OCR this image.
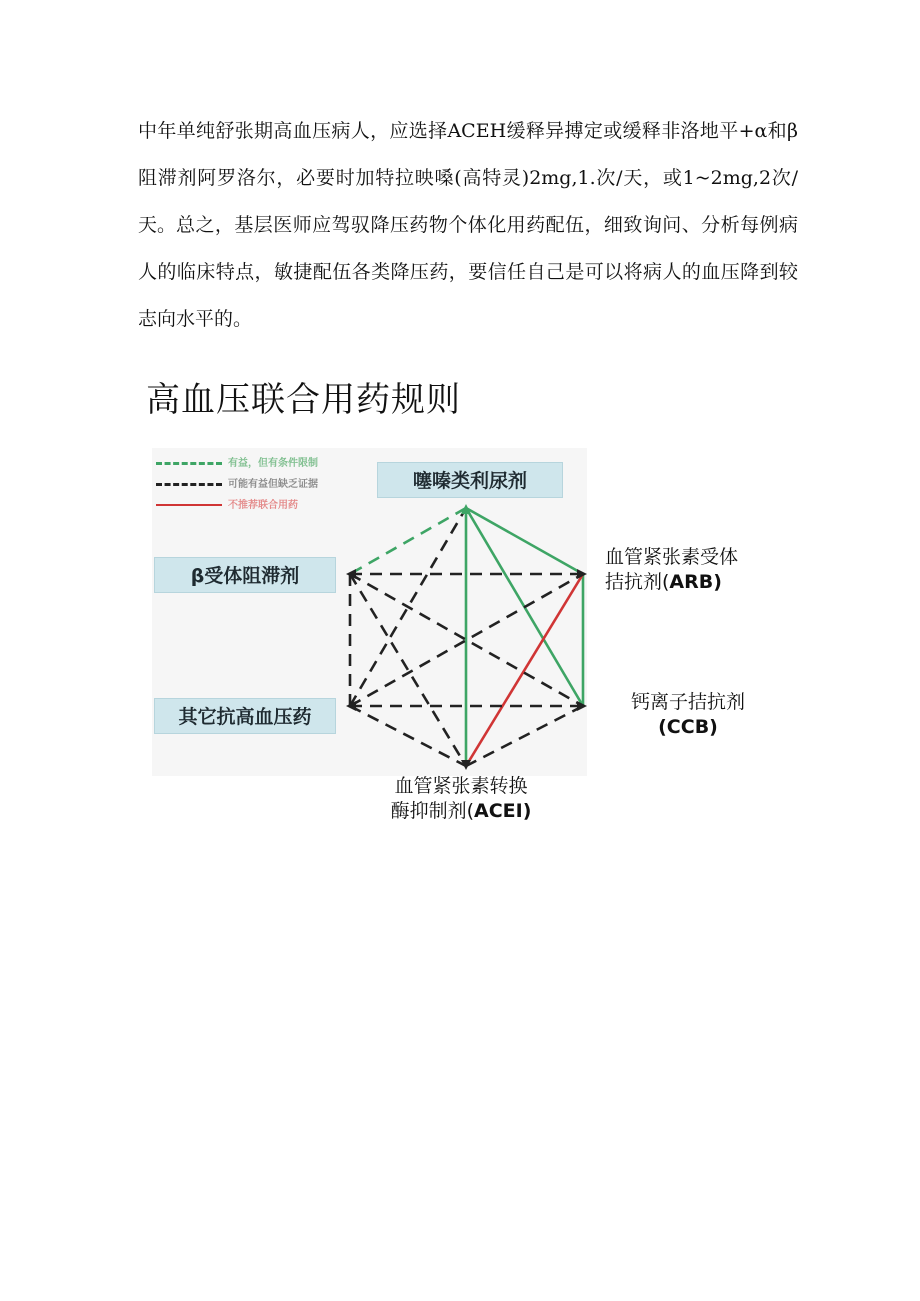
中年单纯舒张期高血压病人，应选择ACEH缓释异搏定或缓释非洛地平+α和β阻滞剂阿罗洛尔，必要时加特拉映嗓(高特灵)2mg,1.次/天，或1~2mg,2次/天。 总之，基层医师应驾驭降压药物个体化用药配伍，细致询问、分析每例病人的临床特点，敏捷配伍各类降压药，要信任自己是可以将病人的血压降到较志向水平的。

高血压联合用药规则
有益，但有条件限制
可能有益但缺乏证据
不推荐联合用药
噻嗪类利尿剂
β受体阻滞剂
其它抗高血压药
血管紧张素受体
拮抗剂(ARB)
钙离子拮抗剂
(CCB)
血管紧张素转换
酶抑制剂(ACEI)
